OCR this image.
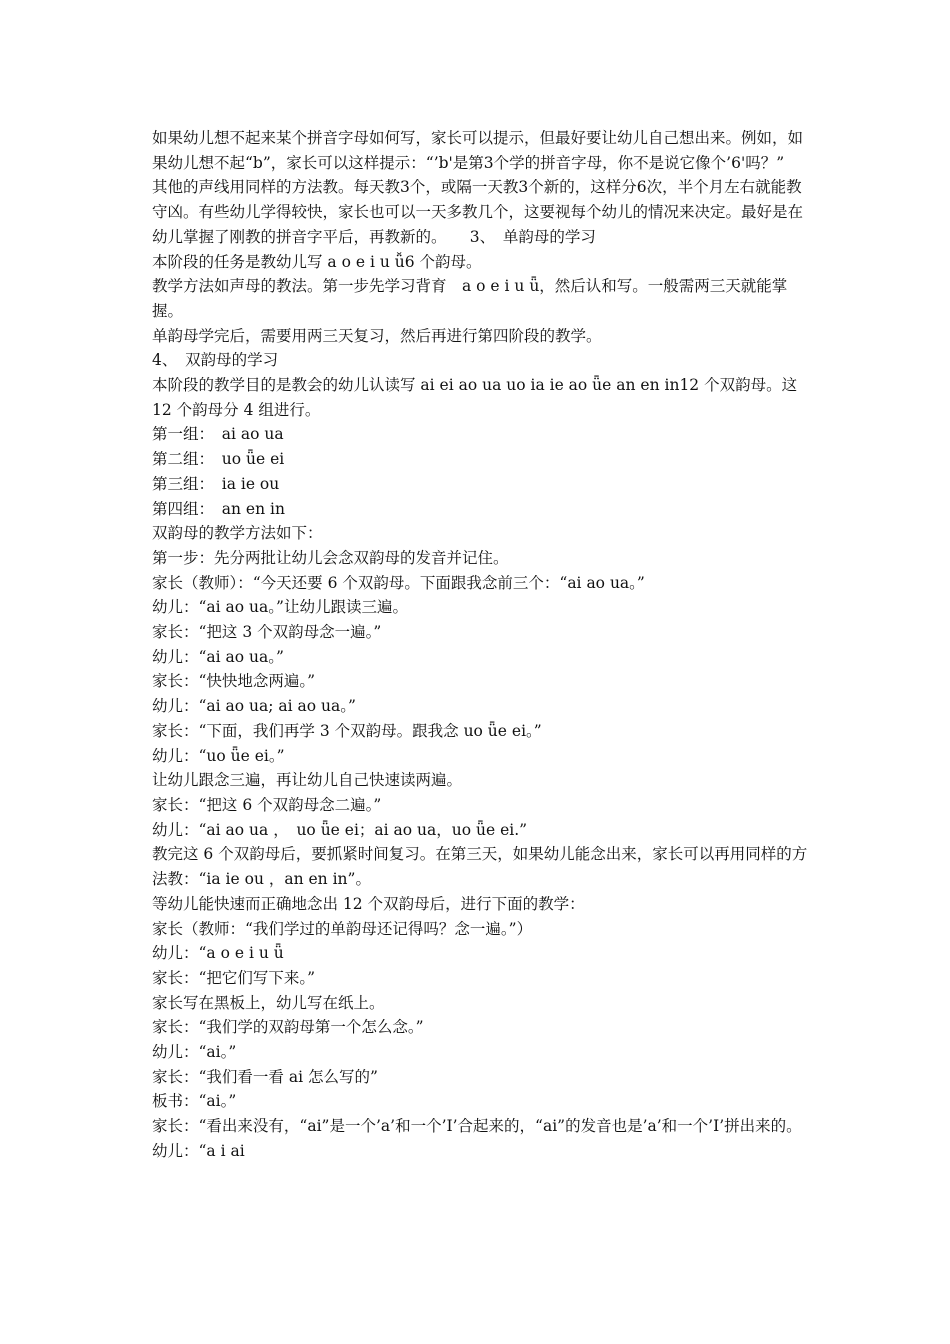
如果幼儿想不起来某个拼音字母如何写，家长可以提示，但最好要让幼儿自己想出来。例如，如果幼儿想不起“b”，家长可以这样提示：“’b'是第3个学的拼音字母，你不是说它像个’6'吗？”

其他的声线用同样的方法教。每天教3个，或隔一天教3个新的，这样分6次，半个月左右就能教守凶。有些幼儿学得较快，家长也可以一天多教几个，这要视每个幼儿的情况来决定。最好是在幼儿掌握了刚教的拼音字平后，再教新的。　　3、　单韵母的学习

本阶段的任务是教幼儿写 a o e i u ǚ6 个韵母。

教学方法如声母的教法。第一步先学习背育　a o e i u ǖ，然后认和写。一般需两三天就能掌握。

单韵母学完后，需要用两三天复习，然后再进行第四阶段的教学。

4、　双韵母的学习

本阶段的教学目的是教会的幼儿认读写 ai ei ao ua uo ia ie ao ǖe an en in12 个双韵母。这 12 个韵母分 4 组进行。

第一组：　ai ao ua

第二组：　uo ǖe ei

第三组：　ia ie ou

第四组：　an en in

双韵母的教学方法如下：

第一步：先分两批让幼儿会念双韵母的发音并记住。

家长（教师）：“今天还要 6 个双韵母。下面跟我念前三个：“ai ao ua。”

幼儿：“ai ao ua。”让幼儿跟读三遍。

家长：“把这 3 个双韵母念一遍。”

幼儿：“ai ao ua。”

家长：“快快地念两遍。”

幼儿：“ai ao ua; ai ao ua。”

家长：“下面，我们再学 3 个双韵母。跟我念 uo ǖe ei。”

幼儿：“uo ǖe ei。”

让幼儿跟念三遍，再让幼儿自己快速读两遍。

家长：“把这 6 个双韵母念二遍。”

幼儿：“ai ao ua ，　uo ǖe ei；ai ao ua，uo ǖe ei.”

教完这 6 个双韵母后，要抓紧时间复习。在第三天，如果幼儿能念出来，家长可以再用同样的方法教：“ia ie ou ，an en in”。

等幼儿能快速而正确地念出 12 个双韵母后，进行下面的教学：

家长（教师：“我们学过的单韵母还记得吗？念一遍。”）

幼儿：“a o e i u ǖ

家长：“把它们写下来。”

家长写在黑板上，幼儿写在纸上。

家长：“我们学的双韵母第一个怎么念。”

幼儿：“ai。”

家长：“我们看一看 ai 怎么写的”

板书：“ai。”

家长：“看出来没有，“ai”是一个’a’和一个’I’合起来的，“ai”的发音也是’a’和一个’I’拼出来的。

幼儿：“a i ai
